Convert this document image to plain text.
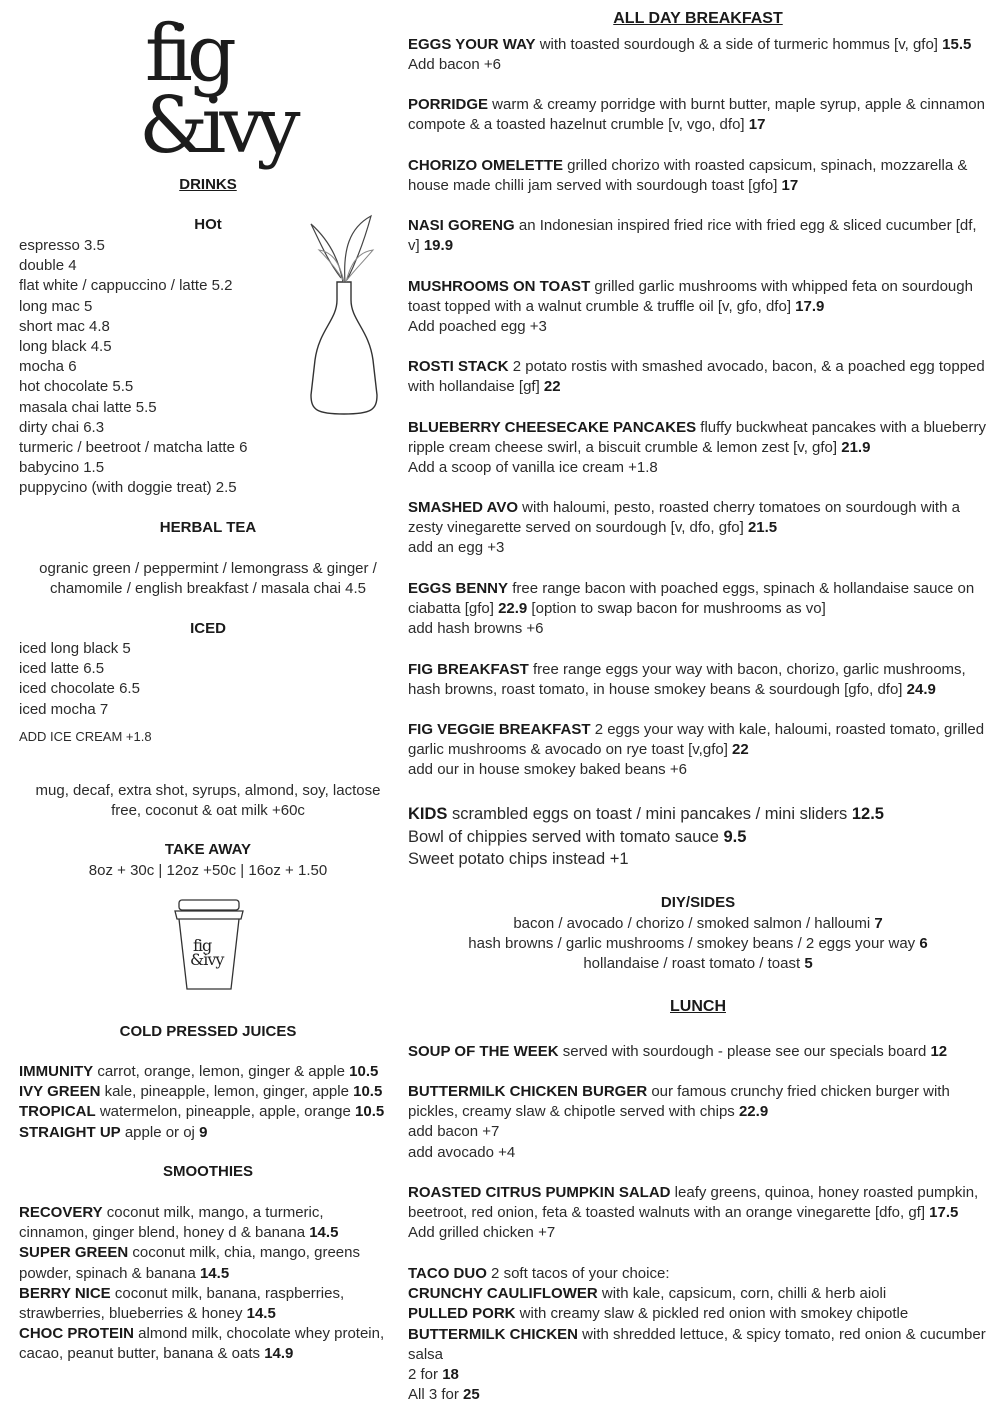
fig
&ivy
DRINKS
HOt
espresso 3.5
double 4
flat white / cappuccino / latte 5.2
long mac 5
short mac 4.8
long black 4.5
mocha 6
hot chocolate 5.5
masala chai latte 5.5
dirty chai 6.3
turmeric / beetroot / matcha latte 6
babycino 1.5
puppycino (with doggie treat) 2.5
HERBAL TEA
ogranic green / peppermint / lemongrass & ginger / chamomile / english breakfast / masala chai 4.5
ICED
iced long black 5
iced latte 6.5
iced chocolate 6.5
iced mocha 7
ADD ICE CREAM +1.8
mug, decaf, extra shot, syrups, almond, soy, lactose free, coconut & oat milk +60c
TAKE AWAY
8oz + 30c | 12oz +50c | 16oz + 1.50
fig
&ivy
COLD PRESSED JUICES
IMMUNITY carrot, orange, lemon, ginger & apple 10.5
IVY GREEN kale, pineapple, lemon, ginger, apple 10.5
TROPICAL watermelon, pineapple, apple, orange 10.5
STRAIGHT UP apple or oj 9
SMOOTHIES
RECOVERY coconut milk, mango, a turmeric, cinnamon, ginger blend, honey d & banana 14.5
SUPER GREEN coconut milk, chia, mango, greens powder, spinach & banana 14.5
BERRY NICE coconut milk, banana, raspberries, strawberries, blueberries & honey 14.5
CHOC PROTEIN almond milk, chocolate whey protein, cacao, peanut butter, banana & oats 14.9
ALL DAY BREAKFAST
EGGS YOUR WAY with toasted sourdough & a side of turmeric hommus [v, gfo] 15.5
Add bacon +6
PORRIDGE warm & creamy porridge with burnt butter, maple syrup, apple & cinnamon compote & a toasted hazelnut crumble [v, vgo, dfo] 17
CHORIZO OMELETTE grilled chorizo with roasted capsicum, spinach, mozzarella & house made chilli jam served with sourdough toast [gfo] 17
NASI GORENG an Indonesian inspired fried rice with fried egg & sliced cucumber [df, v] 19.9
MUSHROOMS ON TOAST grilled garlic mushrooms with whipped feta on sourdough toast topped with a walnut crumble & truffle oil [v, gfo, dfo] 17.9
Add poached egg +3
ROSTI STACK 2 potato rostis with smashed avocado, bacon, & a poached egg topped with hollandaise [gf] 22
BLUEBERRY CHEESECAKE PANCAKES fluffy buckwheat pancakes with a blueberry ripple cream cheese swirl, a biscuit crumble & lemon zest [v, gfo] 21.9
Add a scoop of vanilla ice cream +1.8
SMASHED AVO with haloumi, pesto, roasted cherry tomatoes on sourdough with a zesty vinegarette served on sourdough [v, dfo, gfo] 21.5
add an egg +3
EGGS BENNY free range bacon with poached eggs, spinach & hollandaise sauce on ciabatta [gfo] 22.9 [option to swap bacon for mushrooms as vo]
add hash browns +6
FIG BREAKFAST free range eggs your way with bacon, chorizo, garlic mushrooms, hash browns, roast tomato, in house smokey beans & sourdough [gfo, dfo] 24.9
FIG VEGGIE BREAKFAST 2 eggs your way with kale, haloumi, roasted tomato, grilled garlic mushrooms & avocado on rye toast [v,gfo] 22
add our in house smokey baked beans +6
KIDS scrambled eggs on toast / mini pancakes / mini sliders 12.5
Bowl of chippies served with tomato sauce 9.5
Sweet potato chips instead +1
DIY/SIDES
bacon / avocado / chorizo / smoked salmon / halloumi 7
hash browns / garlic mushrooms / smokey beans / 2 eggs your way 6
hollandaise / roast tomato / toast 5
LUNCH
SOUP OF THE WEEK served with sourdough - please see our specials board 12
BUTTERMILK CHICKEN BURGER our famous crunchy fried chicken burger with pickles, creamy slaw & chipotle served with chips 22.9
add bacon +7
add avocado +4
ROASTED CITRUS PUMPKIN SALAD leafy greens, quinoa, honey roasted pumpkin, beetroot, red onion, feta & toasted walnuts with an orange vinegarette [dfo, gf] 17.5
Add grilled chicken +7
TACO DUO 2 soft tacos of your choice:
CRUNCHY CAULIFLOWER with kale, capsicum, corn, chilli & herb aioli
PULLED PORK with creamy slaw & pickled red onion with smokey chipotle
BUTTERMILK CHICKEN with shredded lettuce, & spicy tomato, red onion & cucumber salsa
2 for 18
All 3 for 25
